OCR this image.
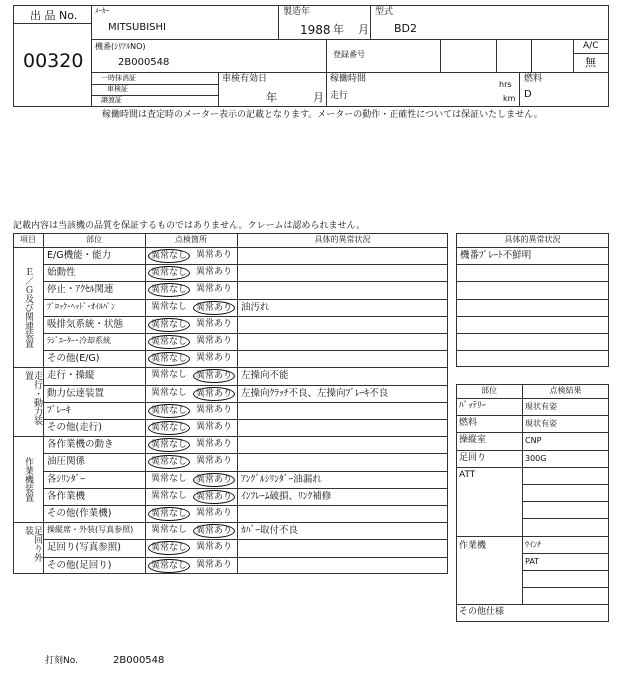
出 品 No.
00320
ﾒｰｶｰ
MITSUBISHI
製造年
1988 年 月
型式
BD2
機番(ｼﾘｱﾙNO)
2B000548
登録番号
A/C
無
一時抹消証
車検証
譲渡証
車検有効日
年	月
稼働時間
hrs
走行	km
燃料
D
稼働時間は査定時のメーター表示の記載となります。メーターの動作・正確性については保証いたしません。
記載内容は当該機の品質を保証するものではありません。クレームは認められません。
項目	部位	点検箇所	具体的異常状況
Ｅ／Ｇ及び関連装置
E/G機能・能力	異常なし 異常あり
始動性	異常なし 異常あり
停止・ｱｸｾﾙ関連	異常なし 異常あり
ﾌﾞﾛｯｸ･ﾍｯﾄﾞ･ｵｲﾙﾊﾟﾝ	異常なし 異常あり 油汚れ
吸排気系統・状態	異常なし 異常あり
ﾗｼﾞｴｰﾀｰ･冷却系統	異常なし 異常あり
その他(E/G)	異常なし 異常あり
走行・動力装置	走行・操縦	異常なし 異常あり 左操向不能
動力伝達装置	異常なし 異常あり 左操向ｸﾗｯﾁ不良、左操向ﾌﾞﾚｰｷ不良
ﾌﾞﾚｰｷ	異常なし 異常あり
その他(走行)	異常なし 異常あり
作業機装置
各作業機の動き	異常なし 異常あり
油圧関係	異常なし 異常あり
各ｼﾘﾝﾀﾞｰ	異常なし 異常あり ｱﾝｸﾞﾙｼﾘﾝﾀﾞｰ油漏れ
各作業機	異常なし 異常あり ｲﾝﾌﾚｰﾑ破損、ﾘﾝｸ補修
その他(作業機)	異常なし 異常あり
足回り外装	操縦席・外装(写真参照)	異常なし 異常あり ｶﾊﾞｰ取付不良
足回り(写真参照)	異常なし 異常あり
その他(足回り)	異常なし 異常あり
具体的異常状況
機番ﾌﾟﾚｰﾄ不鮮明
部位	点検結果
ﾊﾞｯﾃﾘｰ	現状有姿
燃料	現状有姿
操縦室	CNP
足回り	300G
ATT
作業機	ｳｲﾝﾁ
PAT
その他仕様
打刻No.	2B000548
